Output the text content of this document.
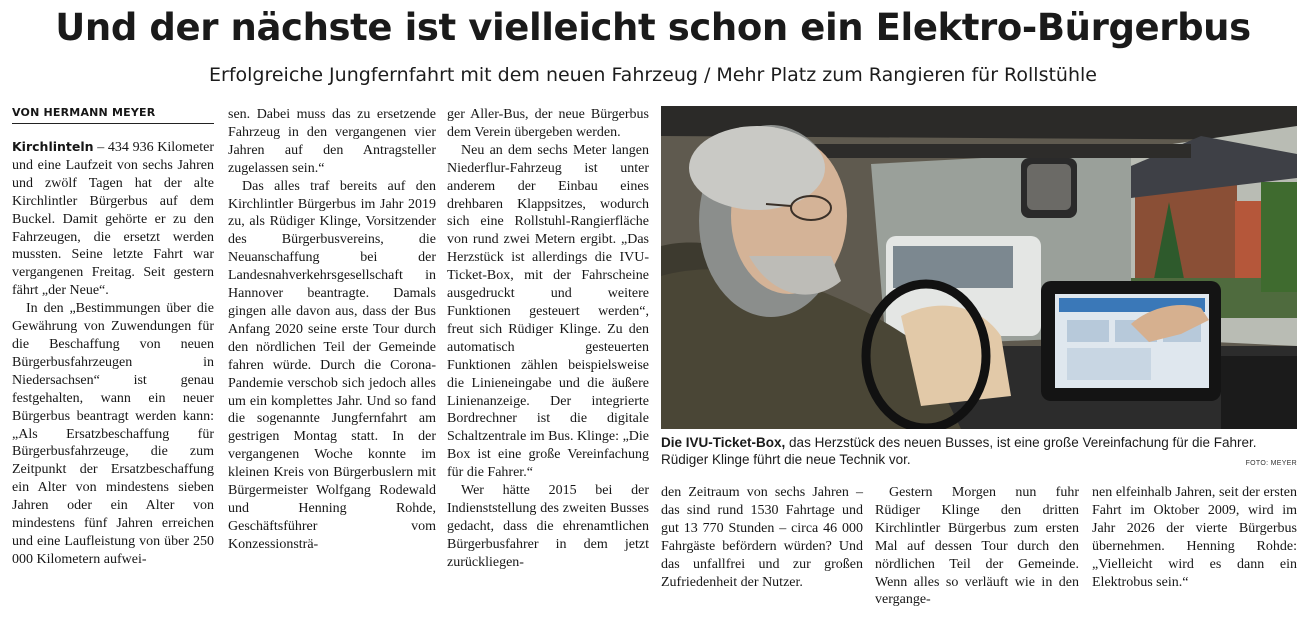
Und der nächste ist vielleicht schon ein Elektro-Bürgerbus
Erfolgreiche Jungfernfahrt mit dem neuen Fahrzeug / Mehr Platz zum Rangieren für Rollstühle
VON HERMANN MEYER

Kirchlinteln – 434 936 Kilometer und eine Laufzeit von sechs Jahren und zwölf Tagen hat der alte Kirchlintler Bürgerbus auf dem Buckel. Damit gehörte er zu den Fahrzeugen, die ersetzt werden mussten. Seine letzte Fahrt war vergangenen Freitag. Seit gestern fährt „der Neue“.

In den „Bestimmungen über die Gewährung von Zuwendungen für die Beschaffung von neuen Bürgerbusfahrzeugen in Niedersachsen“ ist genau festgehalten, wann ein neuer Bürgerbus beantragt werden kann: „Als Ersatzbeschaffung für Bürgerbusfahrzeuge, die zum Zeitpunkt der Ersatzbeschaffung ein Alter von mindestens sieben Jahren oder ein Alter von mindestens fünf Jahren erreichen und eine Laufleistung von über 250 000 Kilometern aufwei-

sen. Dabei muss das zu ersetzende Fahrzeug in den vergangenen vier Jahren auf den Antragsteller zugelassen sein.“

Das alles traf bereits auf den Kirchlintler Bürgerbus im Jahr 2019 zu, als Rüdiger Klinge, Vorsitzender des Bürgerbusvereins, die Neuanschaffung bei der Landesnahverkehrsgesellschaft in Hannover beantragte. Damals gingen alle davon aus, dass der Bus Anfang 2020 seine erste Tour durch den nördlichen Teil der Gemeinde fahren würde. Durch die Corona-Pandemie verschob sich jedoch alles um ein komplettes Jahr. Und so fand die sogenannte Jungfernfahrt am gestrigen Montag statt. In der vergangenen Woche konnte im kleinen Kreis von Bürgerbuslern mit Bürgermeister Wolfgang Rodewald und Henning Rohde, Geschäftsführer vom Konzessionsträ-

ger Aller-Bus, der neue Bürgerbus dem Verein übergeben werden.

Neu an dem sechs Meter langen Niederflur-Fahrzeug ist unter anderem der Einbau eines drehbaren Klappsitzes, wodurch sich eine Rollstuhl-Rangierfläche von rund zwei Metern ergibt. „Das Herzstück ist allerdings die IVU-Ticket-Box, mit der Fahrscheine ausgedruckt und weitere Funktionen gesteuert werden“, freut sich Rüdiger Klinge. Zu den automatisch gesteuerten Funktionen zählen beispielsweise die Linieneingabe und die äußere Linienanzeige. Der integrierte Bordrechner ist die digitale Schaltzentrale im Bus. Klinge: „Die Box ist eine große Vereinfachung für die Fahrer.“

Wer hätte 2015 bei der Indienststellung des zweiten Busses gedacht, dass die ehrenamtlichen Bürgerbusfahrer in dem jetzt zurückliegen-

den Zeitraum von sechs Jahren – das sind rund 1530 Fahrtage und gut 13 770 Stunden – circa 46 000 Fahrgäste befördern würden? Und das unfallfrei und zur großen Zufriedenheit der Nutzer.

Gestern Morgen nun fuhr Rüdiger Klinge den dritten Kirchlintler Bürgerbus zum ersten Mal auf dessen Tour durch den nördlichen Teil der Gemeinde. Wenn alles so verläuft wie in den vergange-

nen elfeinhalb Jahren, seit der ersten Fahrt im Oktober 2009, wird im Jahr 2026 der vierte Bürgerbus übernehmen. Henning Rohde: „Vielleicht wird es dann ein Elektrobus sein.“

Die IVU-Ticket-Box, das Herzstück des neuen Busses, ist eine große Vereinfachung für die Fahrer. Rüdiger Klinge führt die neue Technik vor.	FOTO: MEYER
